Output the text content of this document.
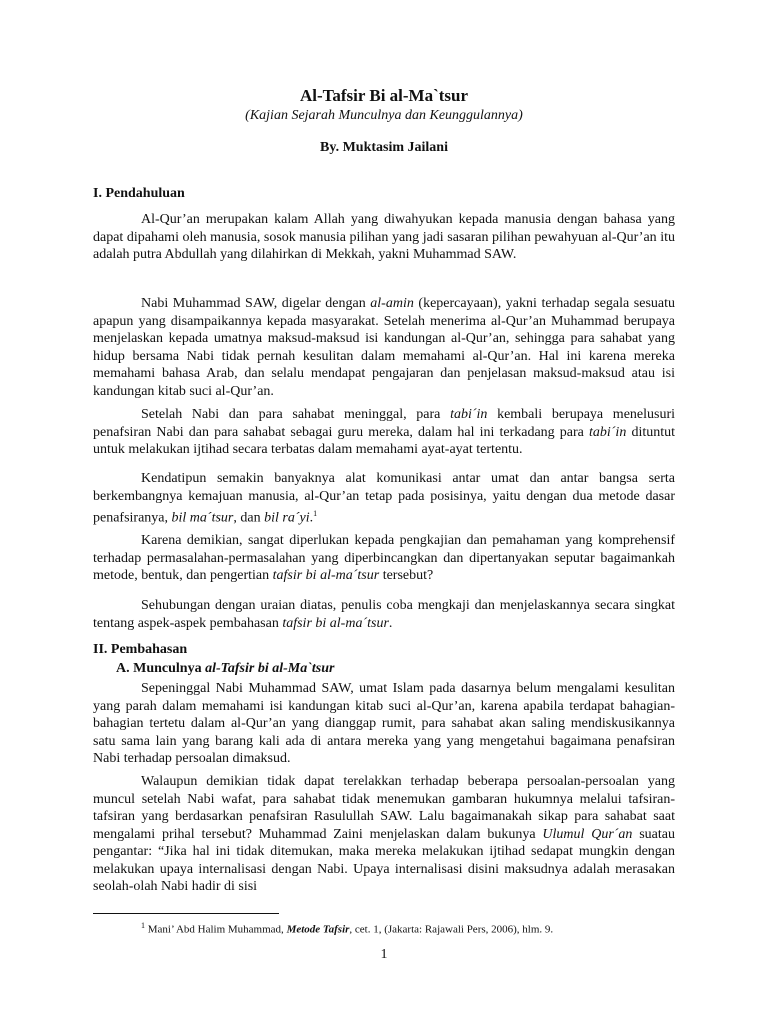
Al-Tafsir Bi al-Ma`tsur
(Kajian Sejarah Munculnya dan Keunggulannya)
By. Muktasim Jailani
I. Pendahuluan

Al-Qur’an merupakan kalam Allah yang diwahyukan kepada manusia dengan bahasa yang dapat dipahami oleh manusia, sosok manusia pilihan yang jadi sasaran pilihan pewahyuan al-Qur’an itu adalah putra Abdullah yang dilahirkan di Mekkah, yakni Muhammad SAW.

Nabi Muhammad SAW, digelar dengan al-amin (kepercayaan), yakni terhadap segala sesuatu apapun yang disampaikannya kepada masyarakat. Setelah menerima al-Qur’an Muhammad berupaya menjelaskan kepada umatnya maksud-maksud isi kandungan al-Qur’an, sehingga para sahabat yang hidup bersama Nabi tidak pernah kesulitan dalam memahami al-Qur’an. Hal ini karena mereka memahami bahasa Arab, dan selalu mendapat pengajaran dan penjelasan maksud-maksud atau isi kandungan kitab suci al-Qur’an.

Setelah Nabi dan para sahabat meninggal, para tabi´in kembali berupaya menelusuri penafsiran Nabi dan para sahabat sebagai guru mereka, dalam hal ini terkadang para tabi´in dituntut untuk melakukan ijtihad secara terbatas dalam memahami ayat-ayat tertentu.

Kendatipun semakin banyaknya alat komunikasi antar umat dan antar bangsa serta berkembangnya kemajuan manusia, al-Qur’an tetap pada posisinya, yaitu dengan dua metode dasar penafsiranya, bil ma´tsur, dan bil ra´yi.$^1$

Karena demikian, sangat diperlukan kepada pengkajian dan pemahaman yang komprehensif terhadap permasalahan-permasalahan yang diperbincangkan dan dipertanyakan seputar bagaimankah metode, bentuk, dan pengertian tafsir bi al-ma´tsur tersebut?

Sehubungan dengan uraian diatas, penulis coba mengkaji dan menjelaskannya secara singkat tentang aspek-aspek pembahasan tafsir bi al-ma´tsur.

II. Pembahasan
A. Munculnya al-Tafsir bi al-Ma`tsur

Sepeninggal Nabi Muhammad SAW, umat Islam pada dasarnya belum mengalami kesulitan yang parah dalam memahami isi kandungan kitab suci al-Qur’an, karena apabila terdapat bahagian-bahagian tertetu dalam al-Qur’an yang dianggap rumit, para sahabat akan saling mendiskusikannya satu sama lain yang barang kali ada di antara mereka yang yang mengetahui bagaimana penafsiran Nabi terhadap persoalan dimaksud.

Walaupun demikian tidak dapat terelakkan terhadap beberapa persoalan-persoalan yang muncul setelah Nabi wafat, para sahabat tidak menemukan gambaran hukumnya melalui tafsiran-tafsiran yang berdasarkan penafsiran Rasulullah SAW. Lalu bagaimanakah sikap para sahabat saat mengalami prihal tersebut? Muhammad Zaini menjelaskan dalam bukunya Ulumul Qur´an suatau pengantar: “Jika hal ini tidak ditemukan, maka mereka melakukan ijtihad sedapat mungkin dengan melakukan upaya internalisasi dengan Nabi. Upaya internalisasi disini maksudnya adalah merasakan seolah-olah Nabi hadir di sisi

$^1$ Mani’ Abd Halim Muhammad, Metode Tafsir, cet. 1, (Jakarta: Rajawali Pers, 2006), hlm. 9.
1
